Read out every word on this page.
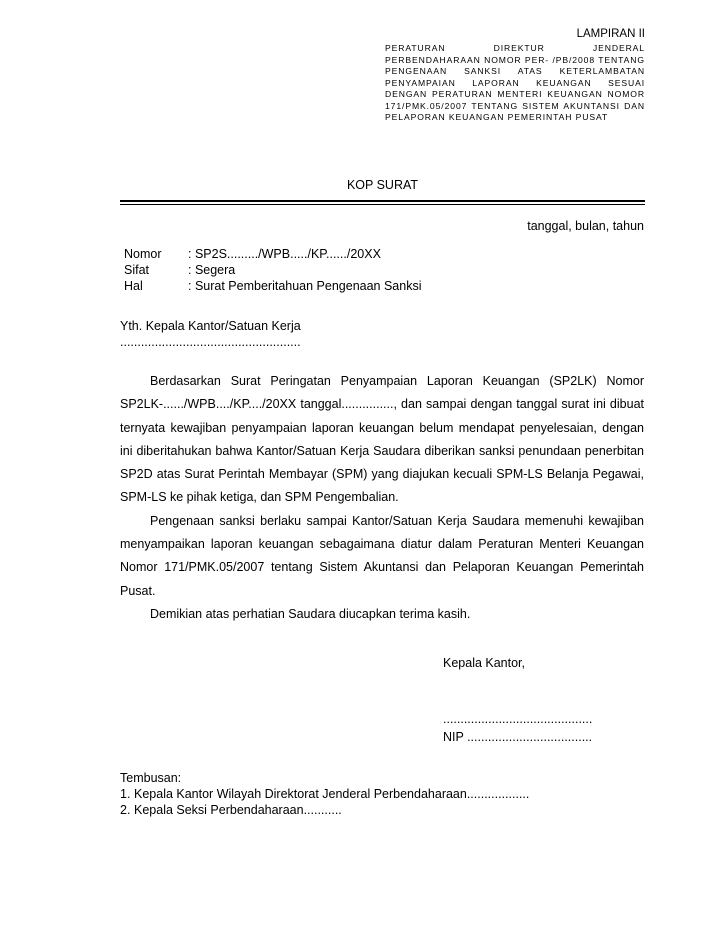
LAMPIRAN II
PERATURAN DIREKTUR JENDERAL PERBENDAHARAAN NOMOR PER- /PB/2008 TENTANG PENGENAAN SANKSI ATAS KETERLAMBATAN PENYAMPAIAN LAPORAN KEUANGAN SESUAI DENGAN PERATURAN MENTERI KEUANGAN NOMOR 171/PMK.05/2007 TENTANG SISTEM AKUNTANSI DAN PELAPORAN KEUANGAN PEMERINTAH PUSAT
KOP SURAT
tanggal, bulan, tahun
Nomor	: SP2S........./WPB...../KP....../20XX
Sifat	: Segera
Hal	: Surat Pemberitahuan Pengenaan Sanksi
Yth. Kepala Kantor/Satuan Kerja
....................................................

Berdasarkan Surat Peringatan Penyampaian Laporan Keuangan (SP2LK) Nomor SP2LK-....../WPB..../KP..../20XX tanggal..............., dan sampai dengan tanggal surat ini dibuat ternyata kewajiban penyampaian laporan keuangan belum mendapat penyelesaian, dengan ini diberitahukan bahwa Kantor/Satuan Kerja Saudara diberikan sanksi penundaan penerbitan SP2D atas Surat Perintah Membayar (SPM) yang diajukan kecuali SPM-LS Belanja Pegawai, SPM-LS ke pihak ketiga, dan SPM Pengembalian.

Pengenaan sanksi berlaku sampai Kantor/Satuan Kerja Saudara memenuhi kewajiban menyampaikan laporan keuangan sebagaimana diatur dalam Peraturan Menteri Keuangan Nomor 171/PMK.05/2007 tentang Sistem Akuntansi dan Pelaporan Keuangan Pemerintah Pusat.

Demikian atas perhatian Saudara diucapkan terima kasih.

Kepala Kantor,
...........................................
NIP ....................................
Tembusan:
1. Kepala Kantor Wilayah Direktorat Jenderal Perbendaharaan..................
2. Kepala Seksi Perbendaharaan...........
